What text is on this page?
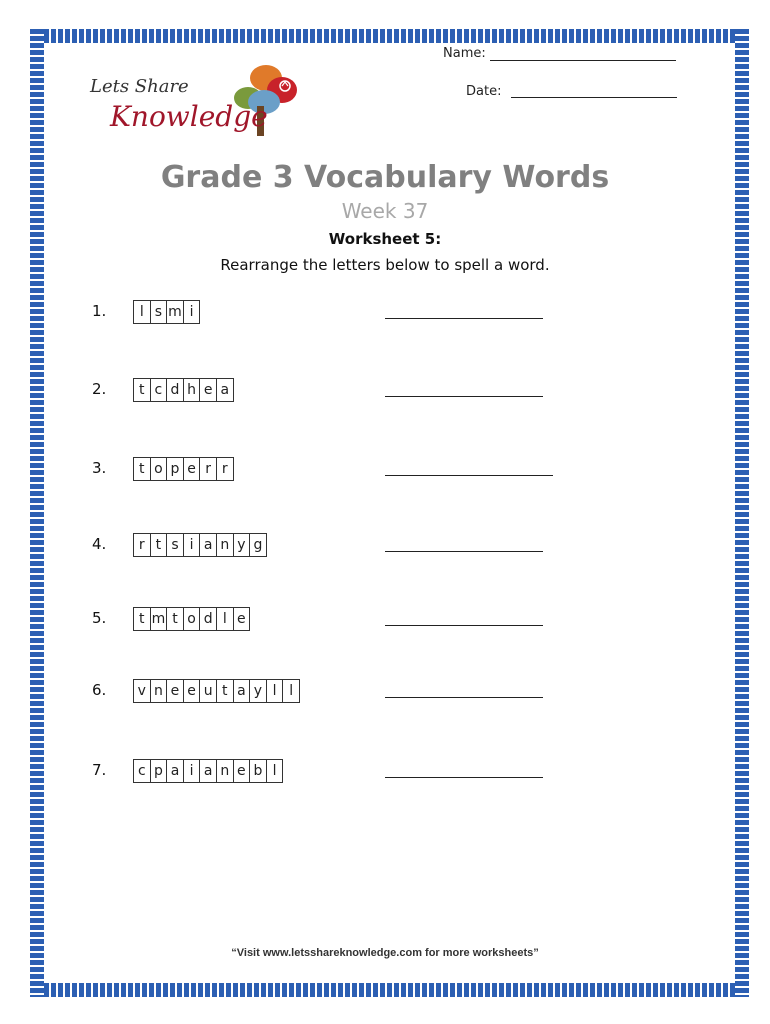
Lets Share
Knowledge
Name:
Date:
Grade 3 Vocabulary Words
Week 37
Worksheet 5:
Rearrange the letters below to spell a word.
1.	l s m i
2.	t c d h e a
3.	t o p e r r
4.	r t s i a n y g
5.	t m t o d l e
6. v n e e u t a y l l
7. c p a i a n e b l
“Visit www.letsshareknowledge.com for more worksheets”
